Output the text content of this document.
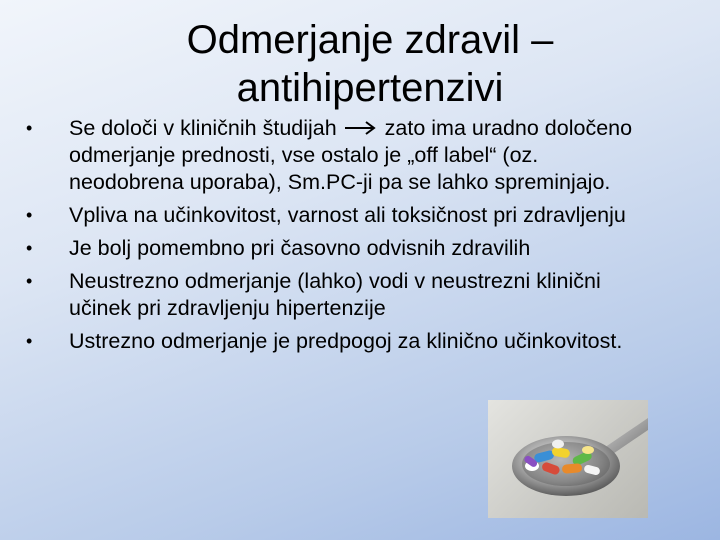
Odmerjanje zdravil –
antihipertenzivi
• Se določi v kliničnih študijah  zato ima uradno določeno odmerjanje prednosti, vse ostalo je „off label“ (oz. neodobrena uporaba), Sm.PC-ji pa se lahko spreminjajo.
• Vpliva na učinkovitost, varnost ali toksičnost pri zdravljenju
• Je bolj pomembno pri časovno odvisnih zdravilih
• Neustrezno odmerjanje (lahko) vodi v neustrezni klinični učinek pri zdravljenju hipertenzije
• Ustrezno odmerjanje je predpogoj za klinično učinkovitost.
